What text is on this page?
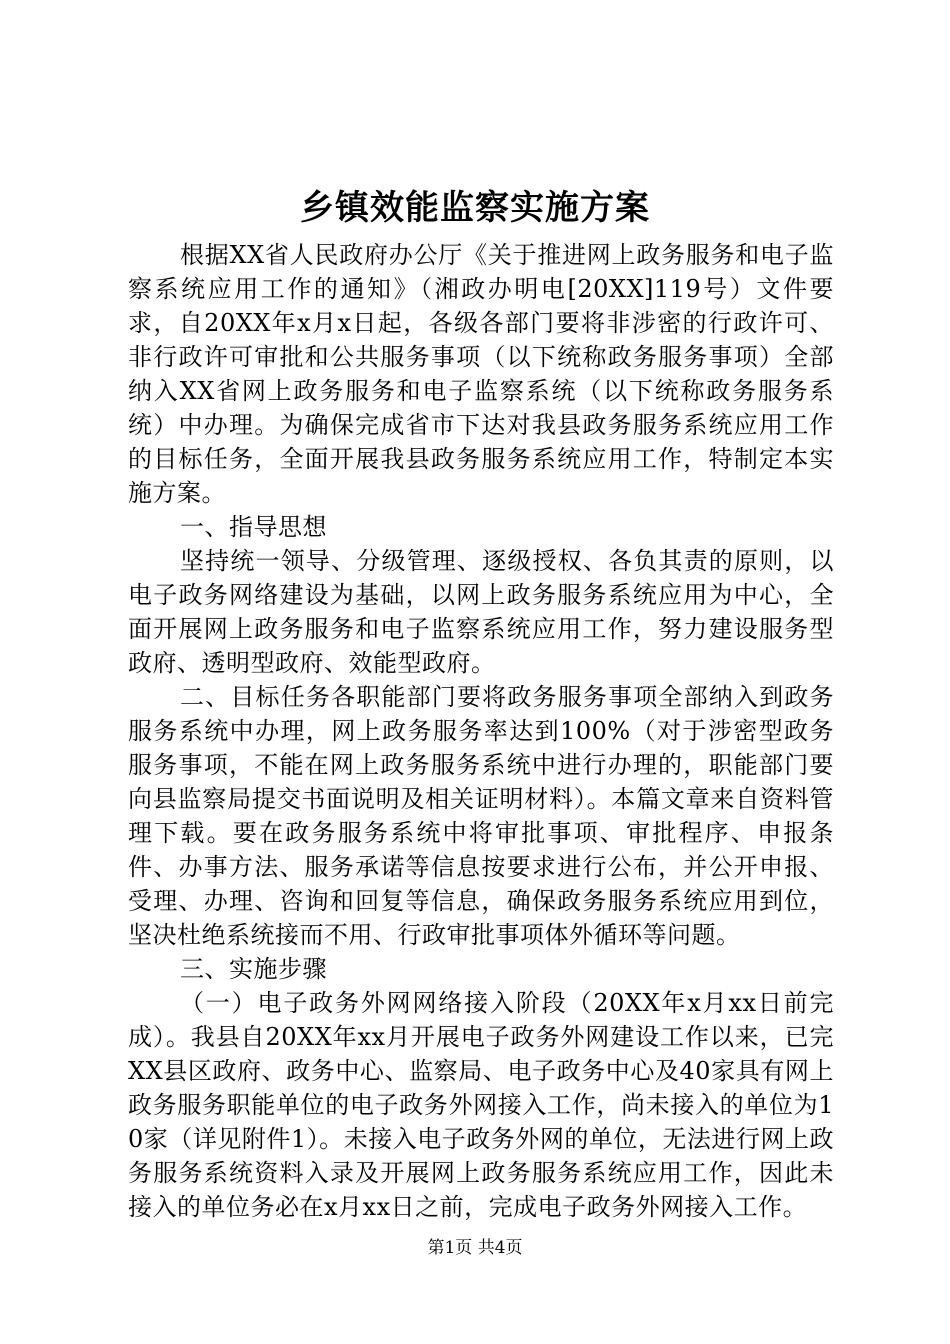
乡镇效能监察实施方案

根据XX省人民政府办公厅《关于推进网上政务服务和电子监察系统应用工作的通知》（湘政办明电[20XX]119号）文件要求，自20XX年x月x日起，各级各部门要将非涉密的行政许可、非行政许可审批和公共服务事项（以下统称政务服务事项）全部纳入XX省网上政务服务和电子监察系统（以下统称政务服务系统）中办理。为确保完成省市下达对我县政务服务系统应用工作的目标任务，全面开展我县政务服务系统应用工作，特制定本实施方案。

一、指导思想

坚持统一领导、分级管理、逐级授权、各负其责的原则，以电子政务网络建设为基础，以网上政务服务系统应用为中心，全面开展网上政务服务和电子监察系统应用工作，努力建设服务型政府、透明型政府、效能型政府。

二、目标任务各职能部门要将政务服务事项全部纳入到政务服务系统中办理，网上政务服务率达到100%（对于涉密型政务服务事项，不能在网上政务服务系统中进行办理的，职能部门要向县监察局提交书面说明及相关证明材料）。本篇文章来自资料管理下载。要在政务服务系统中将审批事项、审批程序、申报条件、办事方法、服务承诺等信息按要求进行公布，并公开申报、受理、办理、咨询和回复等信息，确保政务服务系统应用到位，坚决杜绝系统接而不用、行政审批事项体外循环等问题。

三、实施步骤

（一）电子政务外网网络接入阶段（20XX年x月xx日前完成）。我县自20XX年xx月开展电子政务外网建设工作以来，已完XX县区政府、政务中心、监察局、电子政务中心及40家具有网上政务服务职能单位的电子政务外网接入工作，尚未接入的单位为10家（详见附件1）。未接入电子政务外网的单位，无法进行网上政务服务系统资料入录及开展网上政务服务系统应用工作，因此未接入的单位务必在x月xx日之前，完成电子政务外网接入工作。

第1页 共4页
